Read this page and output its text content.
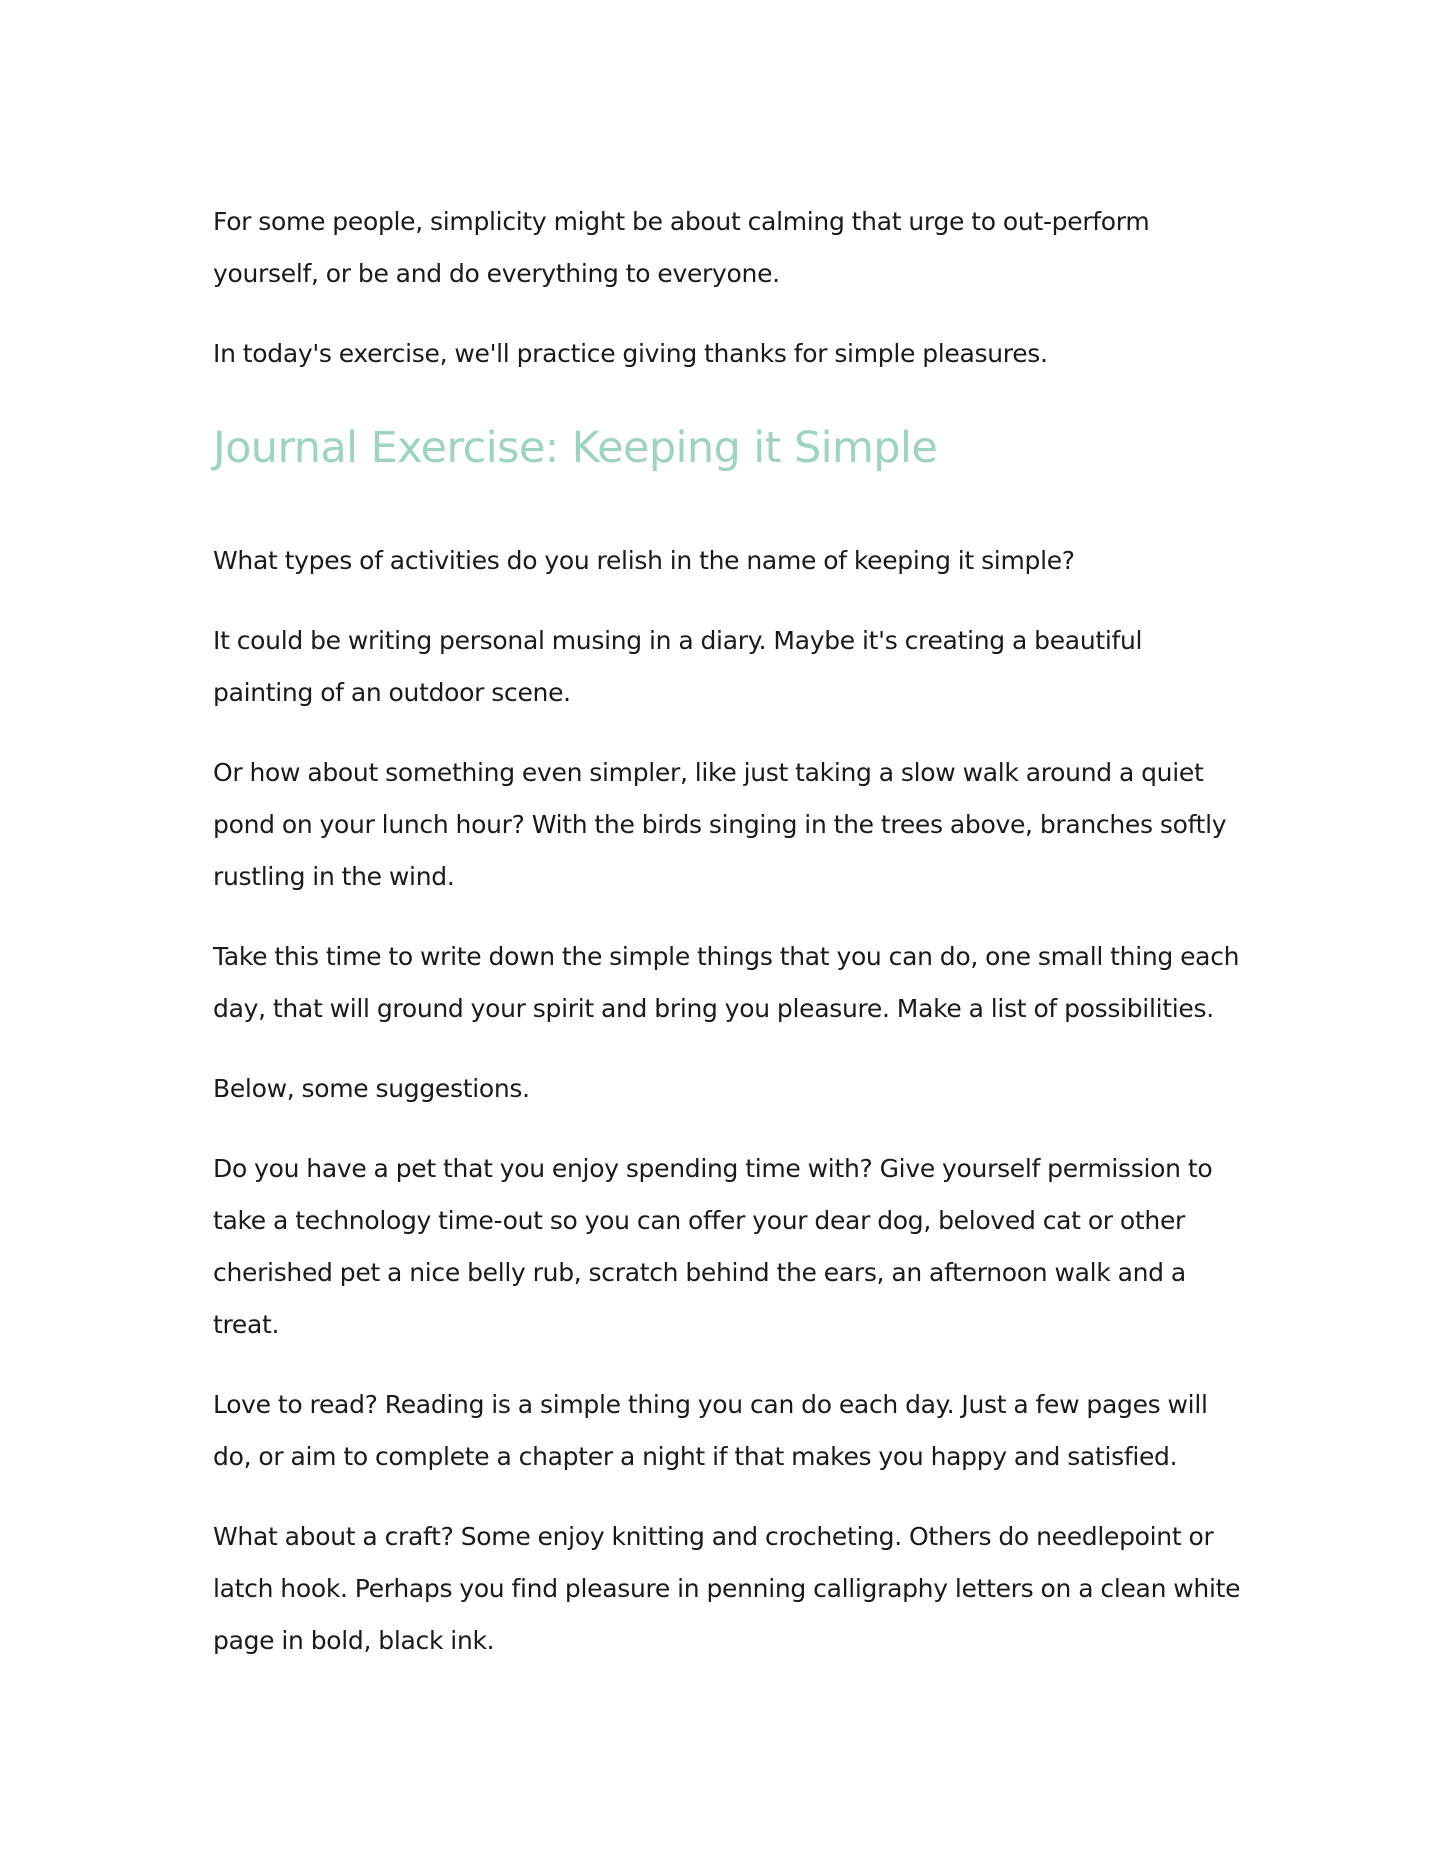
For some people, simplicity might be about calming that urge to out-perform yourself, or be and do everything to everyone.

In today's exercise, we'll practice giving thanks for simple pleasures.

Journal Exercise: Keeping it Simple

What types of activities do you relish in the name of keeping it simple?

It could be writing personal musing in a diary. Maybe it's creating a beautiful painting of an outdoor scene.

Or how about something even simpler, like just taking a slow walk around a quiet pond on your lunch hour? With the birds singing in the trees above, branches softly rustling in the wind.

Take this time to write down the simple things that you can do, one small thing each day, that will ground your spirit and bring you pleasure. Make a list of possibilities.

Below, some suggestions.

Do you have a pet that you enjoy spending time with? Give yourself permission to take a technology time-out so you can offer your dear dog, beloved cat or other cherished pet a nice belly rub, scratch behind the ears, an afternoon walk and a treat.

Love to read? Reading is a simple thing you can do each day. Just a few pages will do, or aim to complete a chapter a night if that makes you happy and satisfied.

What about a craft? Some enjoy knitting and crocheting. Others do needlepoint or latch hook. Perhaps you find pleasure in penning calligraphy letters on a clean white page in bold, black ink.
